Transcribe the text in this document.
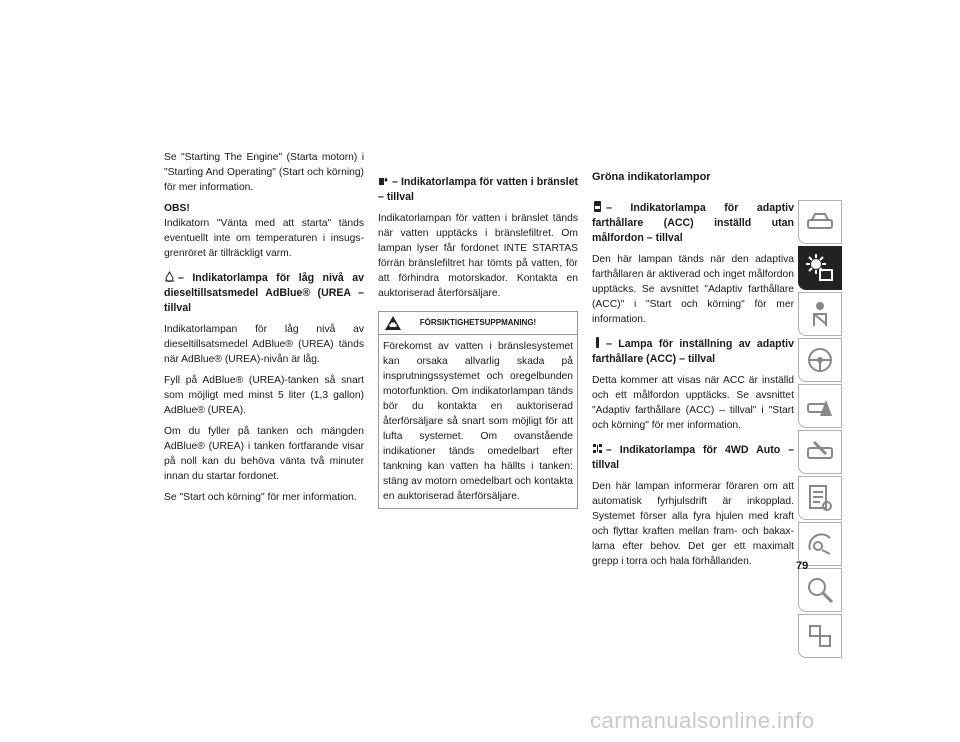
Se "Starting The Engine" (Starta motorn) i "Starting And Operating" (Start och körning) för mer information.

OBS!

Indikatorn "Vänta med att starta" tänds eventuellt inte om temperaturen i insugsgrenröret är tillräckligt varm.

– Indikatorlampa för låg nivå av dieseltillsatsmedel AdBlue® (UREA – tillval

Indikatorlampan för låg nivå av dieseltillsatsmedel AdBlue® (UREA) tänds när AdBlue® (UREA)-nivån är låg.

Fyll på AdBlue® (UREA)-tanken så snart som möjligt med minst 5 liter (1,3 gallon) AdBlue® (UREA).

Om du fyller på tanken och mängden AdBlue® (UREA) i tanken fortfarande visar på noll kan du behöva vänta två minuter innan du startar fordonet.

Se "Start och körning" för mer information.

– Indikatorlampa för vatten i bränslet – tillval

Indikatorlampan för vatten i bränslet tänds när vatten upptäcks i bränslefiltret. Om lampan lyser får fordonet INTE STARTAS förrän bränslefiltret har tömts på vatten, för att förhindra motorskador. Kontakta en auktoriserad återförsäljare.

FÖRSIKTIGHETSUPPMANING!
Förekomst av vatten i bränslesystemet kan orsaka allvarlig skada på insprutningssystemet och oregelbunden motorfunktion. Om indikatorlampan tänds bör du kontakta en auktoriserad återförsäljare så snart som möjligt för att lufta systemet. Om ovanstående indikationer tänds omedelbart efter tankning kan vatten ha hällts i tanken: stäng av motorn omedelbart och kontakta en auktoriserad återförsäljare.
Gröna indikatorlampor
– Indikatorlampa för adaptiv farthållare (ACC) inställd utan målfordon – tillval

Den här lampan tänds när den adaptiva farthållaren är aktiverad och inget målfordon upptäcks. Se avsnittet "Adaptiv farthållare (ACC)" i "Start och körning" för mer information.

– Lampa för inställning av adaptiv farthållare (ACC) – tillval

Detta kommer att visas när ACC är inställd och ett målfordon upptäcks. Se avsnittet "Adaptiv farthållare (ACC) – tillval" i "Start och körning" för mer information.

– Indikatorlampa för 4WD Auto – tillval

Den här lampan informerar föraren om att automatisk fyrhjulsdrift är inkopplad. Systemet förser alla fyra hjulen med kraft och flyttar kraften mellan fram- och bakaxlarna efter behov. Det ger ett maximalt grepp i torra och hala förhållanden.	79
carmanualsonline.info
